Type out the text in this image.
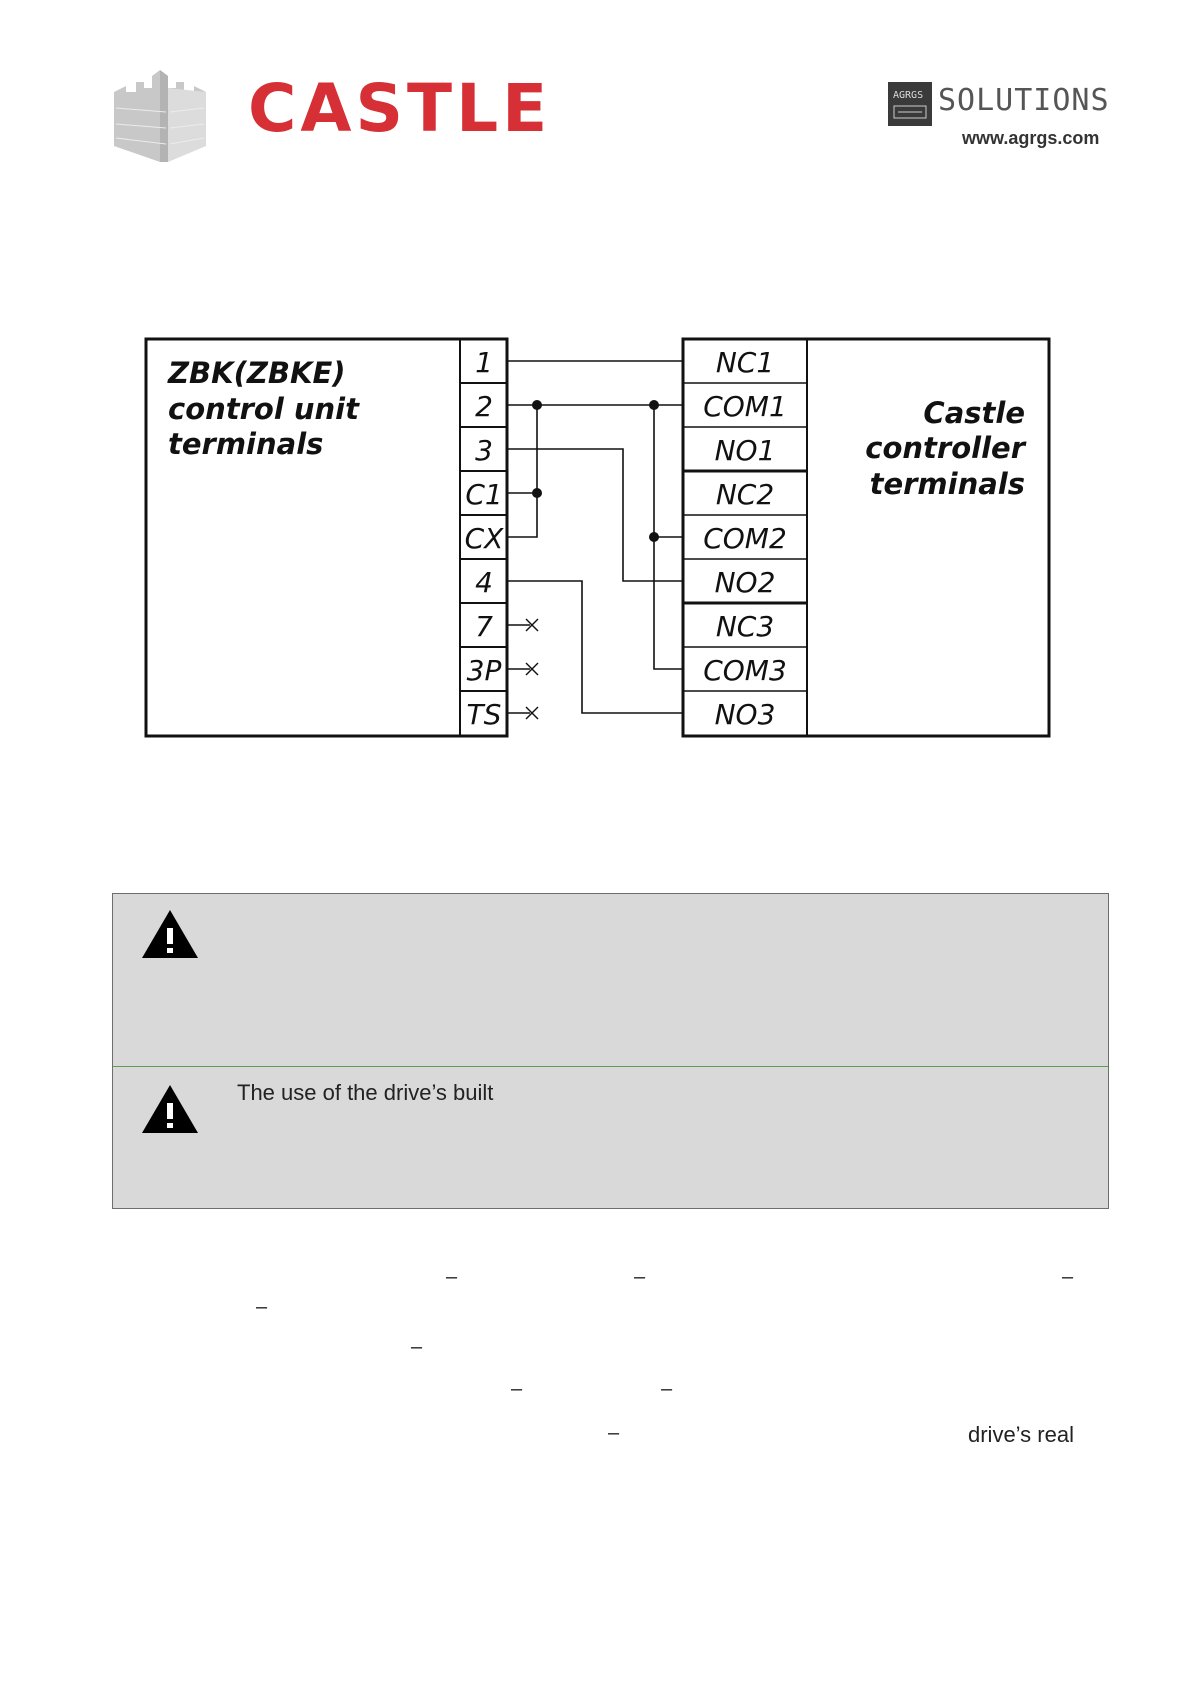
CASTLE	AGRGS SOLUTIONS
www.agrgs.com
ZBK(ZBKE)
control unit
terminals
Castle
controller
terminals
1
2
3
C1
CX
4
7
3P
TS
NC1
COM1
NO1
NC2
COM2
NO2
NC3
COM3
NO3
The use of the drive’s built
–	–	–
–
–
–	–
–	drive’s real
